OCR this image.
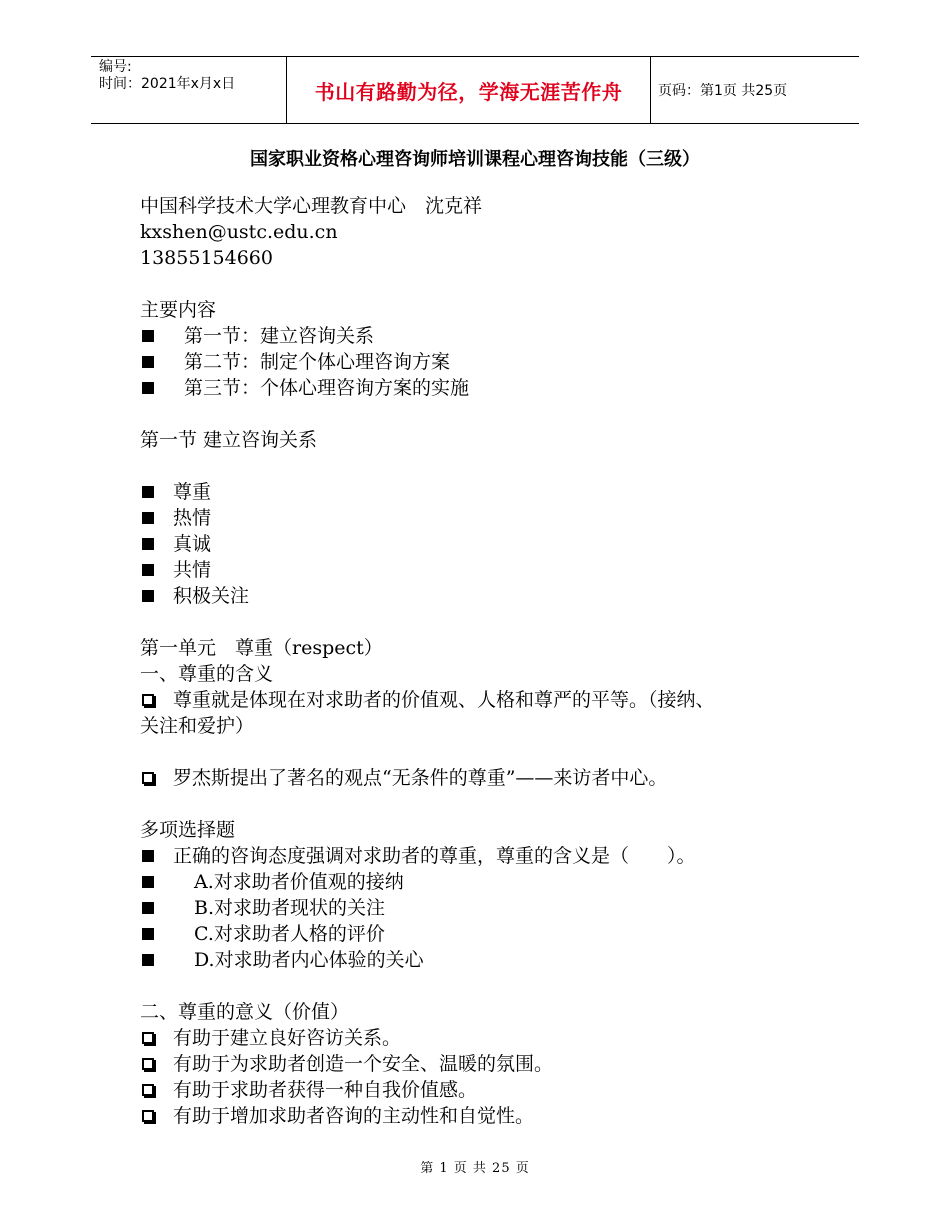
编号:
时间：2021年x月x日	书山有路勤为径，学海无涯苦作舟	页码：第1页 共25页
国家职业资格心理咨询师培训课程心理咨询技能（三级）
中国科学技术大学心理教育中心　沈克祥
kxshen@ustc.edu.cn
13855154660
主要内容
第一节：建立咨询关系
第二节：制定个体心理咨询方案
第三节：个体心理咨询方案的实施
第一节 建立咨询关系
尊重
热情
真诚
共情
积极关注
第一单元　尊重（respect）
一、尊重的含义
尊重就是体现在对求助者的价值观、人格和尊严的平等。（接纳、
关注和爱护）
罗杰斯提出了著名的观点“无条件的尊重”——来访者中心。
多项选择题
正确的咨询态度强调对求助者的尊重，尊重的含义是（　　）。
A.对求助者价值观的接纳
B.对求助者现状的关注
C.对求助者人格的评价
D.对求助者内心体验的关心
二、尊重的意义（价值）
有助于建立良好咨访关系。
有助于为求助者创造一个安全、温暖的氛围。
有助于求助者获得一种自我价值感。
有助于增加求助者咨询的主动性和自觉性。
第 1 页 共 25 页
